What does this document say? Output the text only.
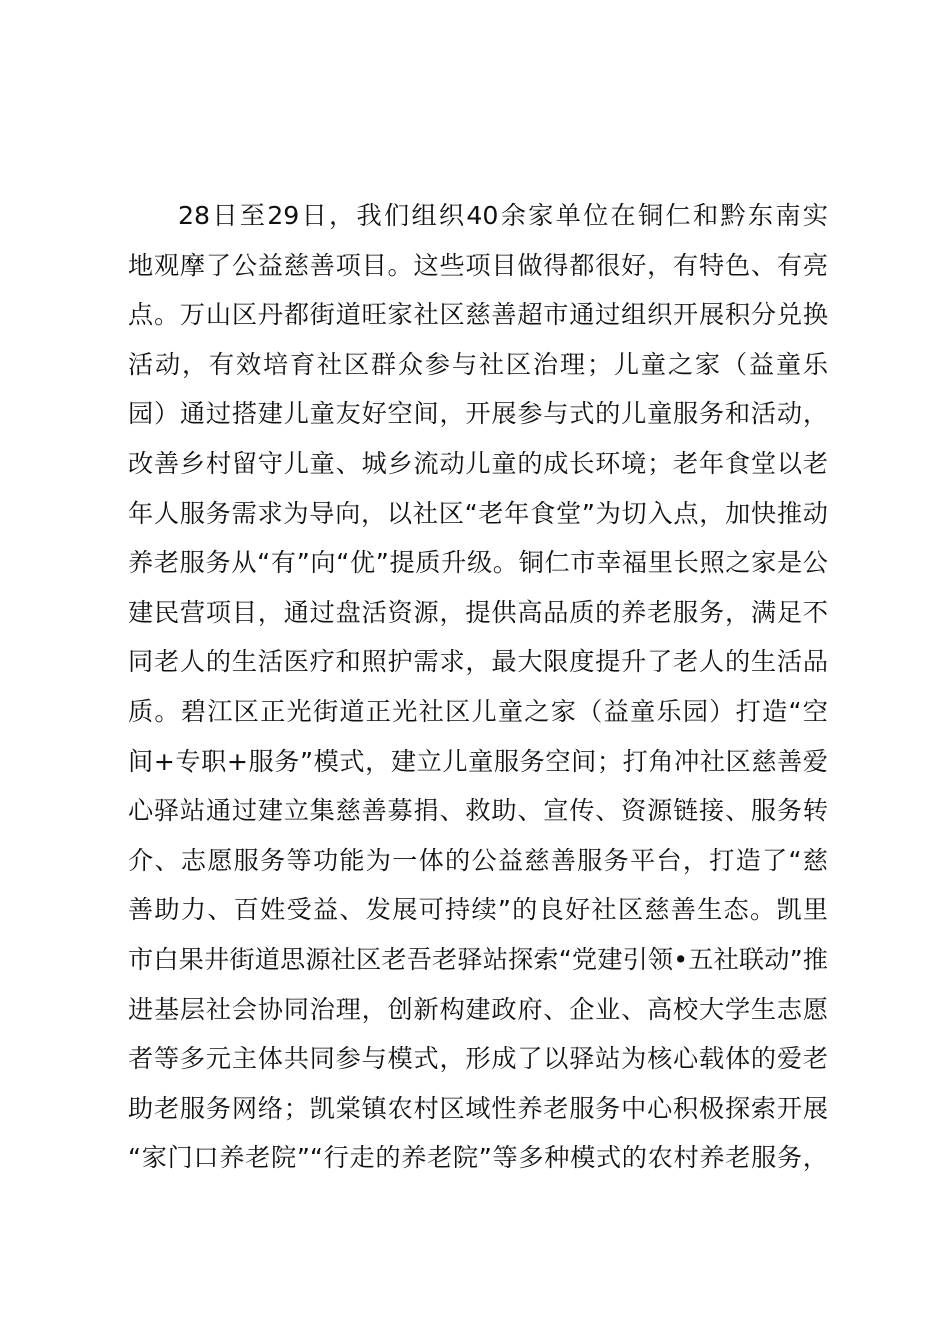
28日至29日，我们组织40余家单位在铜仁和黔东南实
地观摩了公益慈善项目。这些项目做得都很好，有特色、有亮
点。万山区丹都街道旺家社区慈善超市通过组织开展积分兑换
活动，有效培育社区群众参与社区治理；儿童之家（益童乐
园）通过搭建儿童友好空间，开展参与式的儿童服务和活动，
改善乡村留守儿童、城乡流动儿童的成长环境；老年食堂以老
年人服务需求为导向，以社区“老年食堂”为切入点，加快推动
养老服务从“有”向“优”提质升级。铜仁市幸福里长照之家是公
建民营项目，通过盘活资源，提供高品质的养老服务，满足不
同老人的生活医疗和照护需求，最大限度提升了老人的生活品
质。碧江区正光街道正光社区儿童之家（益童乐园）打造“空
间+专职+服务”模式，建立儿童服务空间；打角冲社区慈善爱
心驿站通过建立集慈善募捐、救助、宣传、资源链接、服务转
介、志愿服务等功能为一体的公益慈善服务平台，打造了“慈
善助力、百姓受益、发展可持续”的良好社区慈善生态。凯里
市白果井街道思源社区老吾老驿站探索“党建引领•五社联动”推
进基层社会协同治理，创新构建政府、企业、高校大学生志愿
者等多元主体共同参与模式，形成了以驿站为核心载体的爱老
助老服务网络；凯棠镇农村区域性养老服务中心积极探索开展
“家门口养老院”“行走的养老院”等多种模式的农村养老服务，
